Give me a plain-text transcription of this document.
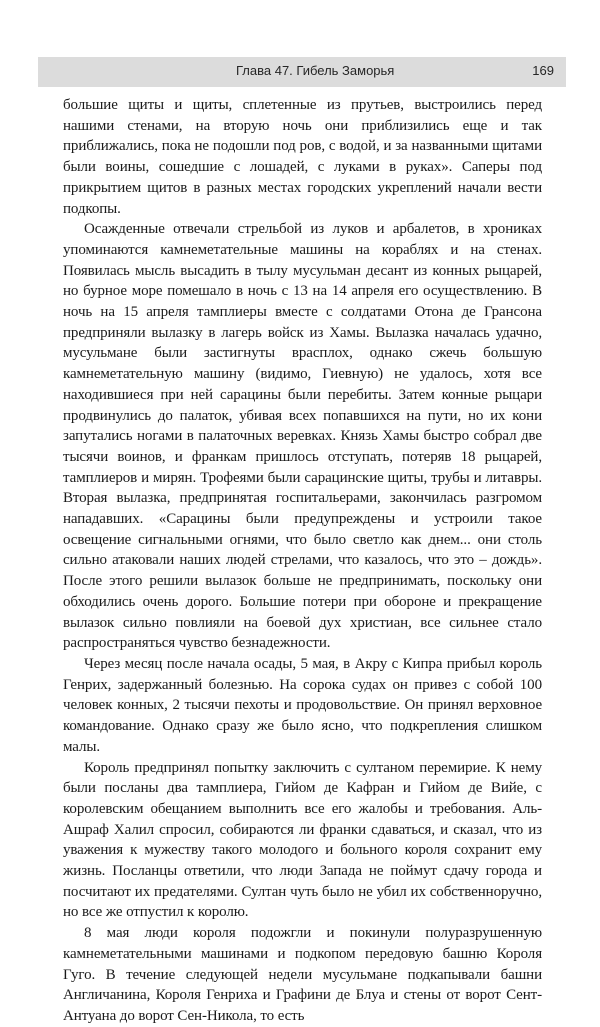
Глава 47. Гибель Заморья	169

большие щиты и щиты, сплетенные из прутьев, выстроились перед нашими стенами, на вторую ночь они приблизились еще и так приближались, пока не подошли под ров, с водой, и за названными щитами были воины, сошедшие с лошадей, с луками в руках». Саперы под прикрытием щитов в разных местах городских укреплений начали вести подкопы.

Осажденные отвечали стрельбой из луков и арбалетов, в хрониках упоминаются камнеметательные машины на кораблях и на стенах. Появилась мысль высадить в тылу мусульман десант из конных рыцарей, но бурное море помешало в ночь с 13 на 14 апреля его осуществлению. В ночь на 15 апреля тамплиеры вместе с солдатами Отона де Грансона предприняли вылазку в лагерь войск из Хамы. Вылазка началась удачно, мусульмане были застигнуты врасплох, однако сжечь большую камнеметательную машину (видимо, Гиевную) не удалось, хотя все находившиеся при ней сарацины были перебиты. Затем конные рыцари продвинулись до палаток, убивая всех попавшихся на пути, но их кони запутались ногами в палаточных веревках. Князь Хамы быстро собрал две тысячи воинов, и франкам пришлось отступать, потеряв 18 рыцарей, тамплиеров и мирян. Трофеями были сарацинские щиты, трубы и литавры. Вторая вылазка, предпринятая госпитальерами, закончилась разгромом нападавших. «Сарацины были предупреждены и устроили такое освещение сигнальными огнями, что было светло как днем... они столь сильно атаковали наших людей стрелами, что казалось, что это – дождь». После этого решили вылазок больше не предпринимать, поскольку они обходились очень дорого. Большие потери при обороне и прекращение вылазок сильно повлияли на боевой дух христиан, все сильнее стало распространяться чувство безнадежности.

Через месяц после начала осады, 5 мая, в Акру с Кипра прибыл король Генрих, задержанный болезнью. На сорока судах он привез с собой 100 человек конных, 2 тысячи пехоты и продовольствие. Он принял верховное командование. Однако сразу же было ясно, что подкрепления слишком малы.

Король предпринял попытку заключить с султаном перемирие. К нему были посланы два тамплиера, Гийом де Кафран и Гийом де Вийе, с королевским обещанием выполнить все его жалобы и требования. Аль-Ашраф Халил спросил, собираются ли франки сдаваться, и сказал, что из уважения к мужеству такого молодого и больного короля сохранит ему жизнь. Посланцы ответили, что люди Запада не поймут сдачу города и посчитают их предателями. Султан чуть было не убил их собственноручно, но все же отпустил к королю.

8 мая люди короля подожгли и покинули полуразрушенную камнеметательными машинами и подкопом передовую башню Короля Гуго. В течение следующей недели мусульмане подкапывали башни Англичанина, Короля Генриха и Графини де Блуа и стены от ворот Сент-Антуана до ворот Сен-Никола, то есть
